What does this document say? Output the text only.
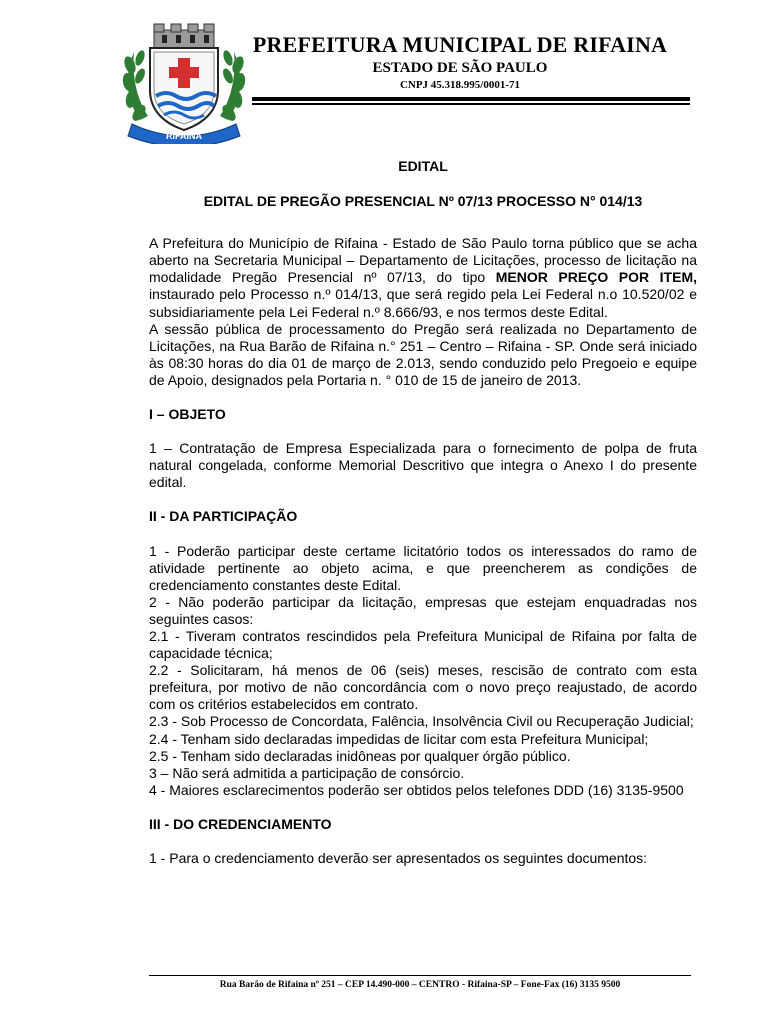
RIFAINA
PREFEITURA MUNICIPAL DE RIFAINA
ESTADO DE SÃO PAULO
CNPJ 45.318.995/0001-71
EDITAL
EDITAL DE PREGÃO PRESENCIAL Nº 07/13 PROCESSO N° 014/13

A Prefeitura do Município de Rifaina - Estado de São Paulo torna público que se acha aberto na Secretaria Municipal – Departamento de Licitações, processo de licitação na modalidade Pregão Presencial nº 07/13, do tipo MENOR PREÇO POR ITEM, instaurado pelo Processo n.º 014/13, que será regido pela Lei Federal n.o 10.520/02 e subsidiariamente pela Lei Federal n.º 8.666/93, e nos termos deste Edital.

A sessão pública de processamento do Pregão será realizada no Departamento de Licitações, na Rua Barão de Rifaina n.° 251 – Centro – Rifaina - SP. Onde será iniciado às 08:30 horas do dia 01 de março de 2.013, sendo conduzido pelo Pregoeio e equipe de Apoio, designados pela Portaria n. ° 010 de 15 de janeiro de 2013.

I – OBJETO

1 – Contratação de Empresa Especializada para o fornecimento de polpa de fruta natural congelada, conforme Memorial Descritivo que integra o Anexo I do presente edital.

II - DA PARTICIPAÇÃO

1 - Poderão participar deste certame licitatório todos os interessados do ramo de atividade pertinente ao objeto acima, e que preencherem as condições de credenciamento constantes deste Edital.

2 - Não poderão participar da licitação, empresas que estejam enquadradas nos seguintes casos:

2.1 - Tiveram contratos rescindidos pela Prefeitura Municipal de Rifaina por falta de capacidade técnica;

2.2 - Solicitaram, há menos de 06 (seis) meses, rescisão de contrato com esta prefeitura, por motivo de não concordância com o novo preço reajustado, de acordo com os critérios estabelecidos em contrato.

2.3 - Sob Processo de Concordata, Falência, Insolvência Civil ou Recuperação Judicial;

2.4 - Tenham sido declaradas impedidas de licitar com esta Prefeitura Municipal;

2.5 - Tenham sido declaradas inidôneas por qualquer órgão público.

3 – Não será admitida a participação de consórcio.

4 - Maiores esclarecimentos poderão ser obtidos pelos telefones DDD (16) 3135-9500

III - DO CREDENCIAMENTO

1 - Para o credenciamento deverão ser apresentados os seguintes documentos:

Rua Barão de Rifaina nº 251 – CEP 14.490-000 – CENTRO - Rifaina-SP – Fone-Fax (16) 3135 9500
